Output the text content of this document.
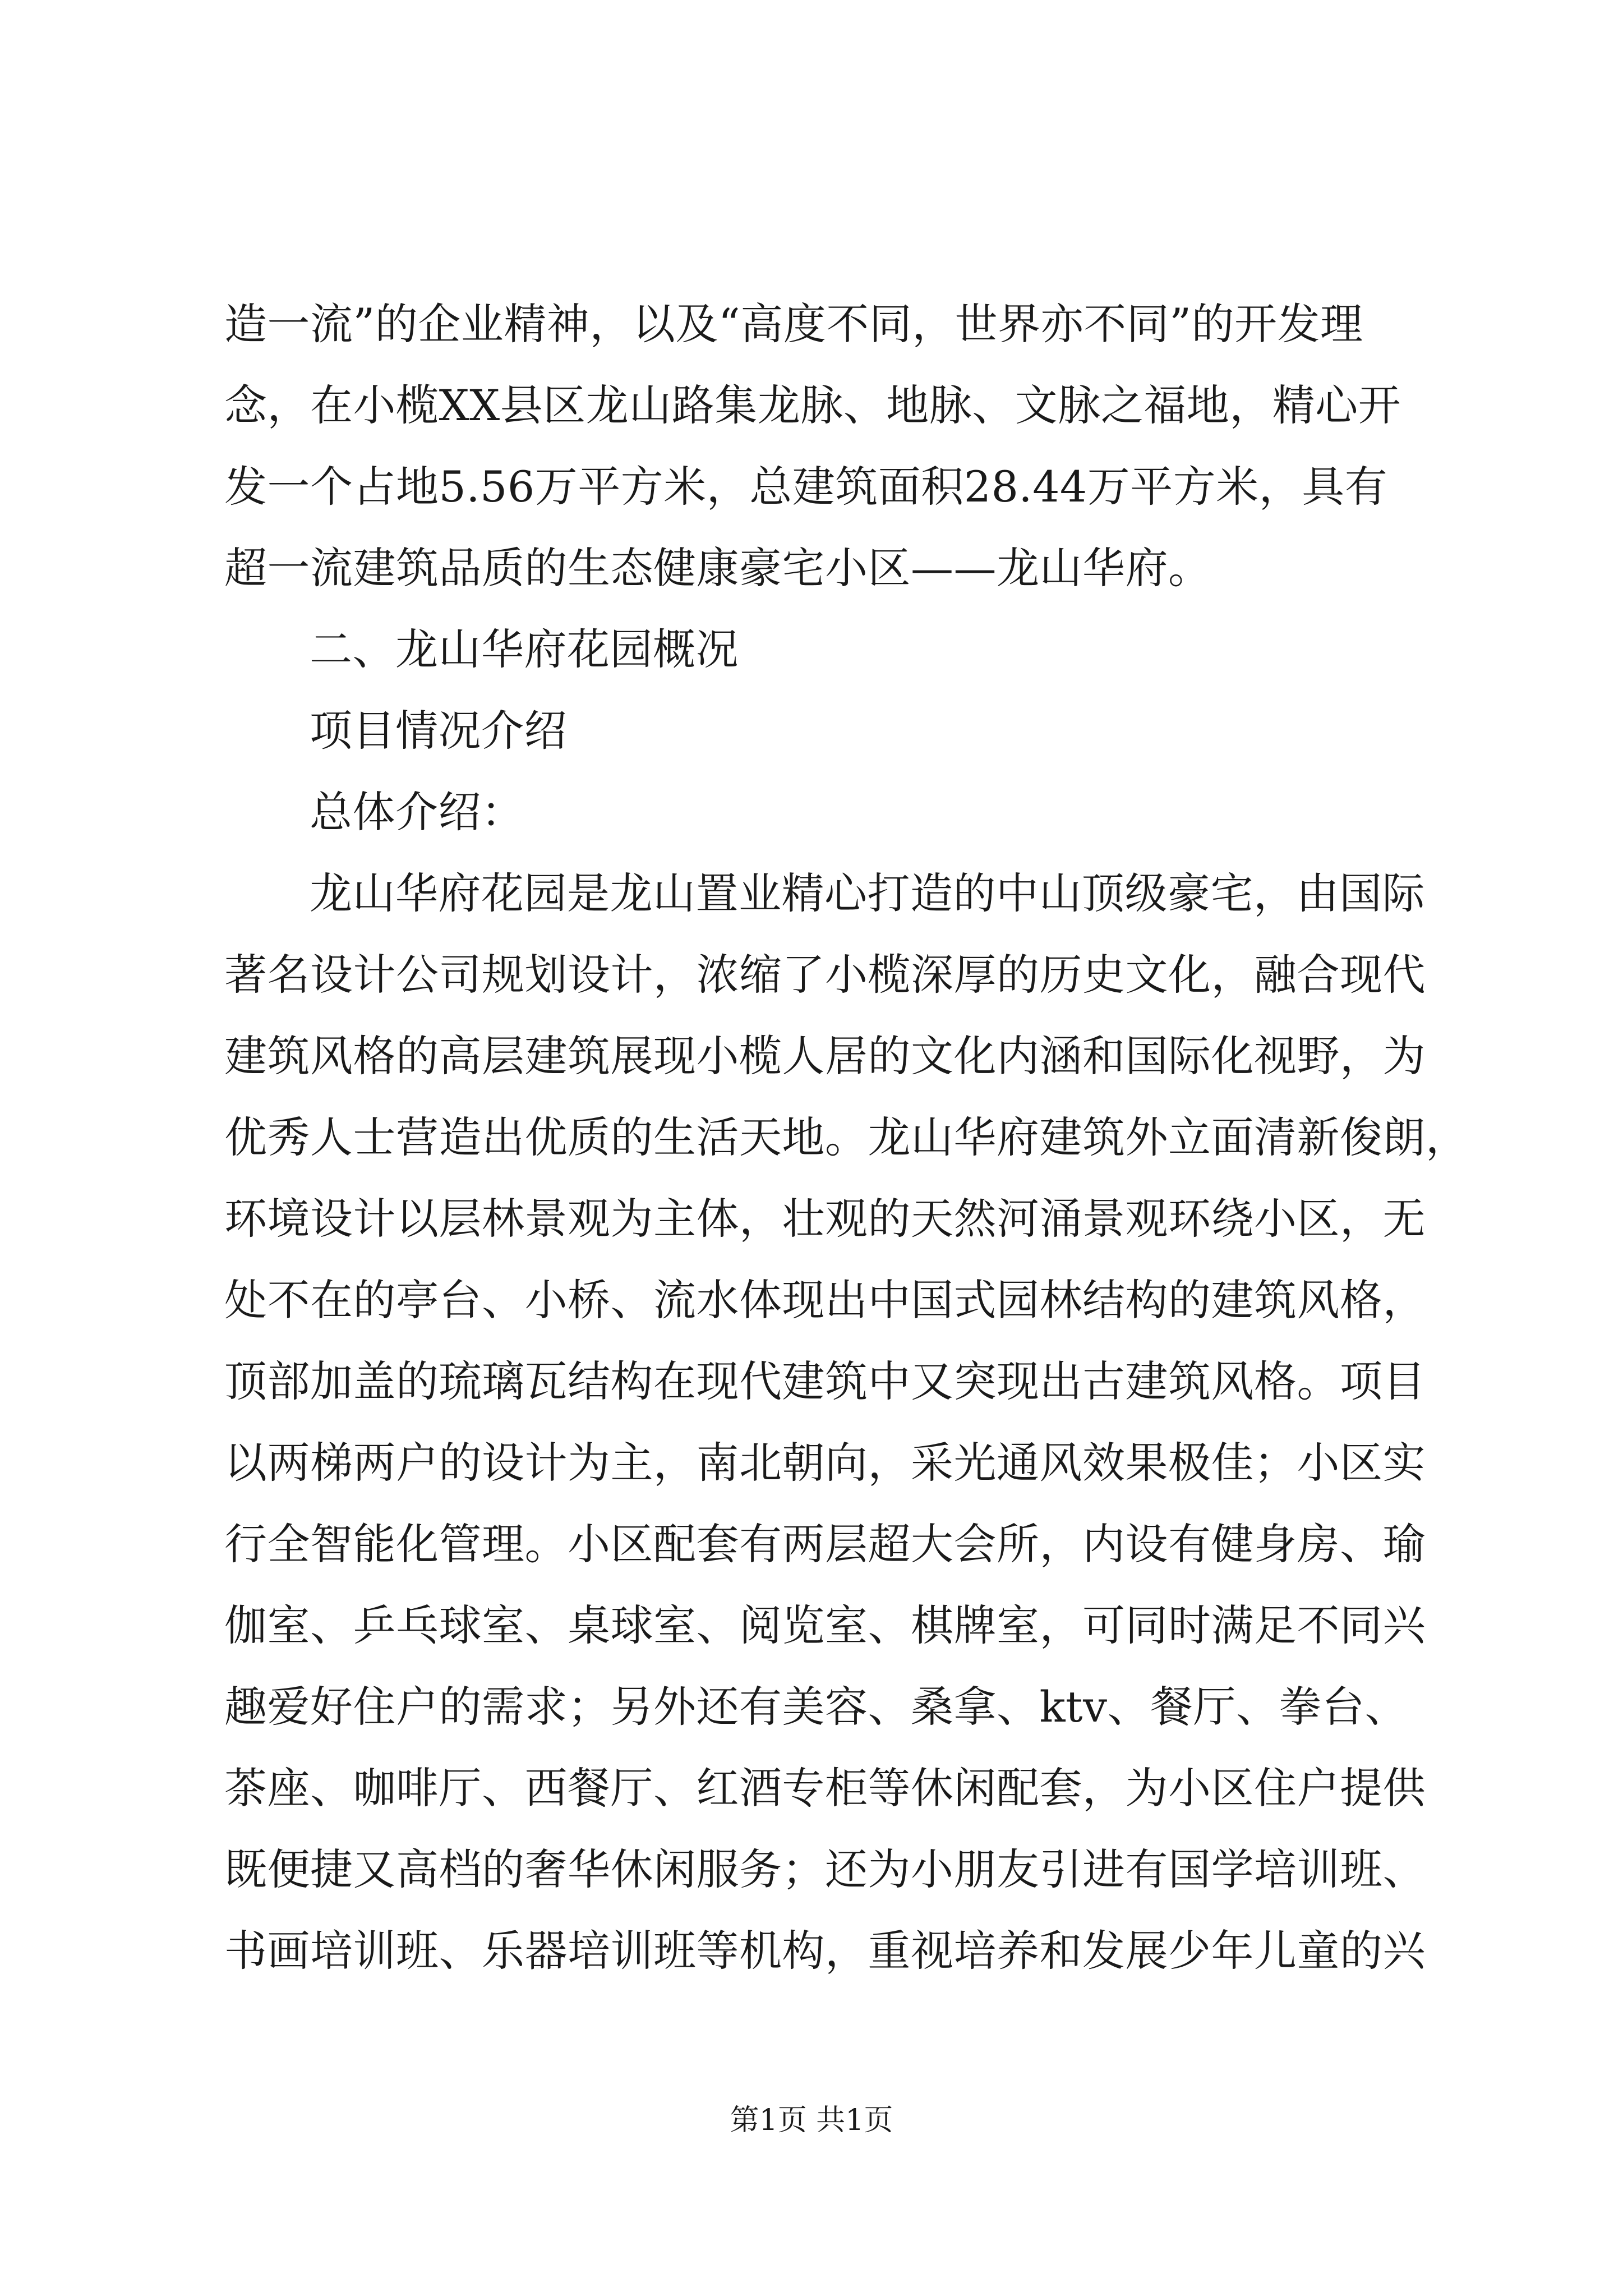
造一流”的企业精神，以及“高度不同，世界亦不同”的开发理
念，在小榄XX县区龙山路集龙脉、地脉、文脉之福地，精心开
发一个占地5.56万平方米，总建筑面积28.44万平方米，具有
超一流建筑品质的生态健康豪宅小区——龙山华府。
二、龙山华府花园概况
项目情况介绍
总体介绍：
龙山华府花园是龙山置业精心打造的中山顶级豪宅，由国际
著名设计公司规划设计，浓缩了小榄深厚的历史文化，融合现代
建筑风格的高层建筑展现小榄人居的文化内涵和国际化视野，为
优秀人士营造出优质的生活天地。龙山华府建筑外立面清新俊朗，
环境设计以层林景观为主体，壮观的天然河涌景观环绕小区，无
处不在的亭台、小桥、流水体现出中国式园林结构的建筑风格，
顶部加盖的琉璃瓦结构在现代建筑中又突现出古建筑风格。项目
以两梯两户的设计为主，南北朝向，采光通风效果极佳；小区实
行全智能化管理。小区配套有两层超大会所，内设有健身房、瑜
伽室、乒乓球室、桌球室、阅览室、棋牌室，可同时满足不同兴
趣爱好住户的需求；另外还有美容、桑拿、ktv、餐厅、拳台、
茶座、咖啡厅、西餐厅、红酒专柜等休闲配套，为小区住户提供
既便捷又高档的奢华休闲服务；还为小朋友引进有国学培训班、
书画培训班、乐器培训班等机构，重视培养和发展少年儿童的兴
第1页 共1页
